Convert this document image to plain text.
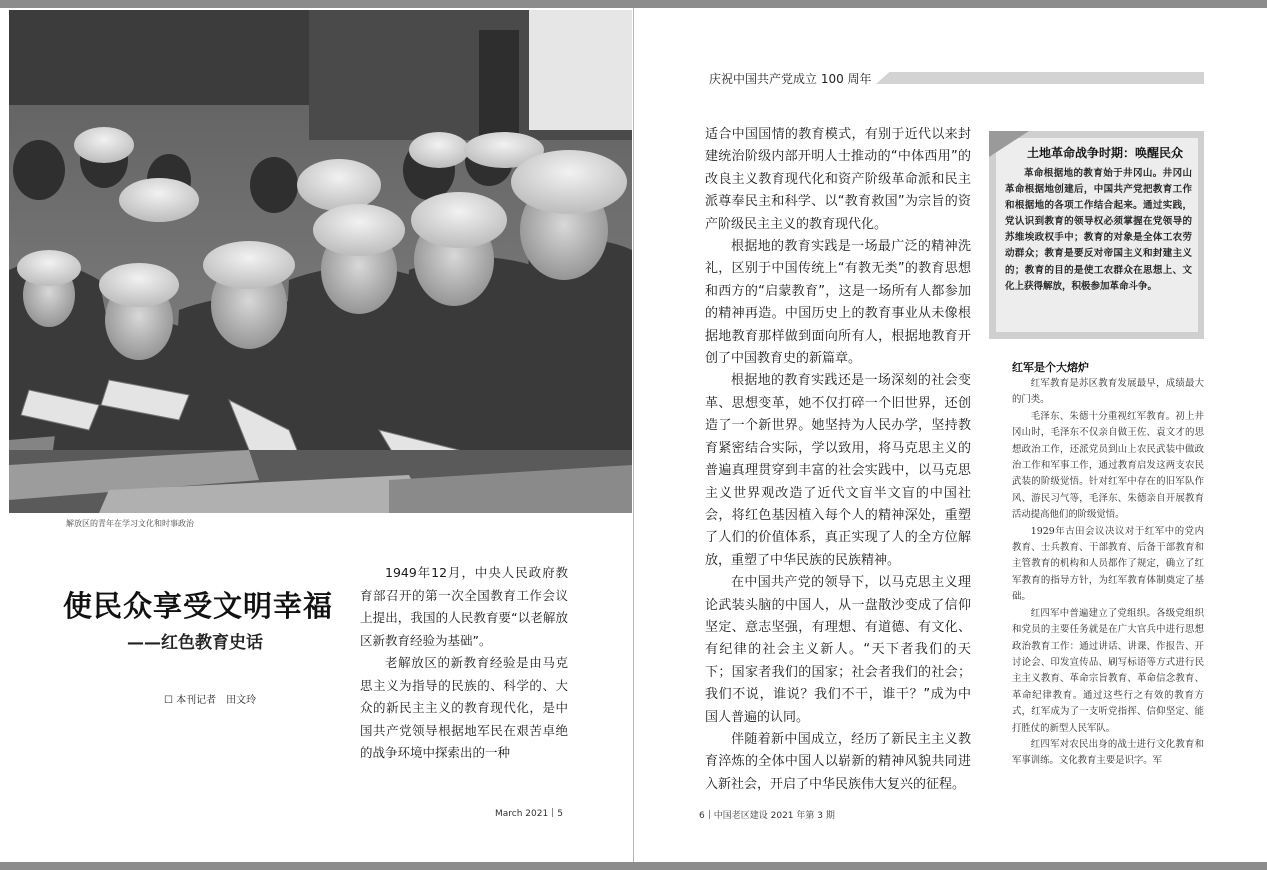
解放区的青年在学习文化和时事政治
使民众享受文明幸福
——红色教育史话
☐ 本刊记者　田文玲

1949年12月，中央人民政府教育部召开的第一次全国教育工作会议上提出，我国的人民教育要“以老解放区新教育经验为基础”。

老解放区的新教育经验是由马克思主义为指导的民族的、科学的、大众的新民主主义的教育现代化，是中国共产党领导根据地军民在艰苦卓绝的战争环境中探索出的一种

March 2021 5
庆祝中国共产党成立 100 周年

适合中国国情的教育模式，有别于近代以来封建统治阶级内部开明人士推动的“中体西用”的改良主义教育现代化和资产阶级革命派和民主派尊奉民主和科学、以“教育救国”为宗旨的资产阶级民主主义的教育现代化。

根据地的教育实践是一场最广泛的精神洗礼，区别于中国传统上“有教无类”的教育思想和西方的“启蒙教育”，这是一场所有人都参加的精神再造。中国历史上的教育事业从未像根据地教育那样做到面向所有人，根据地教育开创了中国教育史的新篇章。

根据地的教育实践还是一场深刻的社会变革、思想变革，她不仅打碎一个旧世界，还创造了一个新世界。她坚持为人民办学，坚持教育紧密结合实际，学以致用，将马克思主义的普遍真理贯穿到丰富的社会实践中，以马克思主义世界观改造了近代文盲半文盲的中国社会，将红色基因植入每个人的精神深处，重塑了人们的价值体系，真正实现了人的全方位解放，重塑了中华民族的民族精神。

在中国共产党的领导下，以马克思主义理论武装头脑的中国人，从一盘散沙变成了信仰坚定、意志坚强，有理想、有道德、有文化、有纪律的社会主义新人。“天下者我们的天下；国家者我们的国家；社会者我们的社会；我们不说，谁说？我们不干，谁干？”成为中国人普遍的认同。

伴随着新中国成立，经历了新民主主义教育淬炼的全体中国人以崭新的精神风貌共同进入新社会，开启了中华民族伟大复兴的征程。

土地革命战争时期：唤醒民众

革命根据地的教育始于井冈山。井冈山革命根据地创建后，中国共产党把教育工作和根据地的各项工作结合起来。通过实践，党认识到教育的领导权必须掌握在党领导的苏维埃政权手中；教育的对象是全体工农劳动群众；教育是要反对帝国主义和封建主义的；教育的目的是使工农群众在思想上、文化上获得解放，积极参加革命斗争。

红军是个大熔炉

红军教育是苏区教育发展最早，成绩最大的门类。

毛泽东、朱德十分重视红军教育。初上井冈山时，毛泽东不仅亲自做王佐、袁文才的思想政治工作，还派党员到山上农民武装中做政治工作和军事工作，通过教育启发这两支农民武装的阶级觉悟。针对红军中存在的旧军队作风、游民习气等，毛泽东、朱德亲自开展教育活动提高他们的阶级觉悟。

1929年古田会议决议对于红军中的党内教育、士兵教育、干部教育、后备干部教育和主管教育的机构和人员都作了规定，确立了红军教育的指导方针，为红军教育体制奠定了基础。

红四军中普遍建立了党组织。各级党组织和党员的主要任务就是在广大官兵中进行思想政治教育工作：通过讲话、讲课、作报告、开讨论会、印发宣传品、刷写标语等方式进行民主主义教育、革命宗旨教育、革命信念教育、革命纪律教育。通过这些行之有效的教育方式，红军成为了一支听党指挥、信仰坚定、能打胜仗的新型人民军队。

红四军对农民出身的战士进行文化教育和军事训练。文化教育主要是识字。军

6 中国老区建设 2021 年第 3 期
